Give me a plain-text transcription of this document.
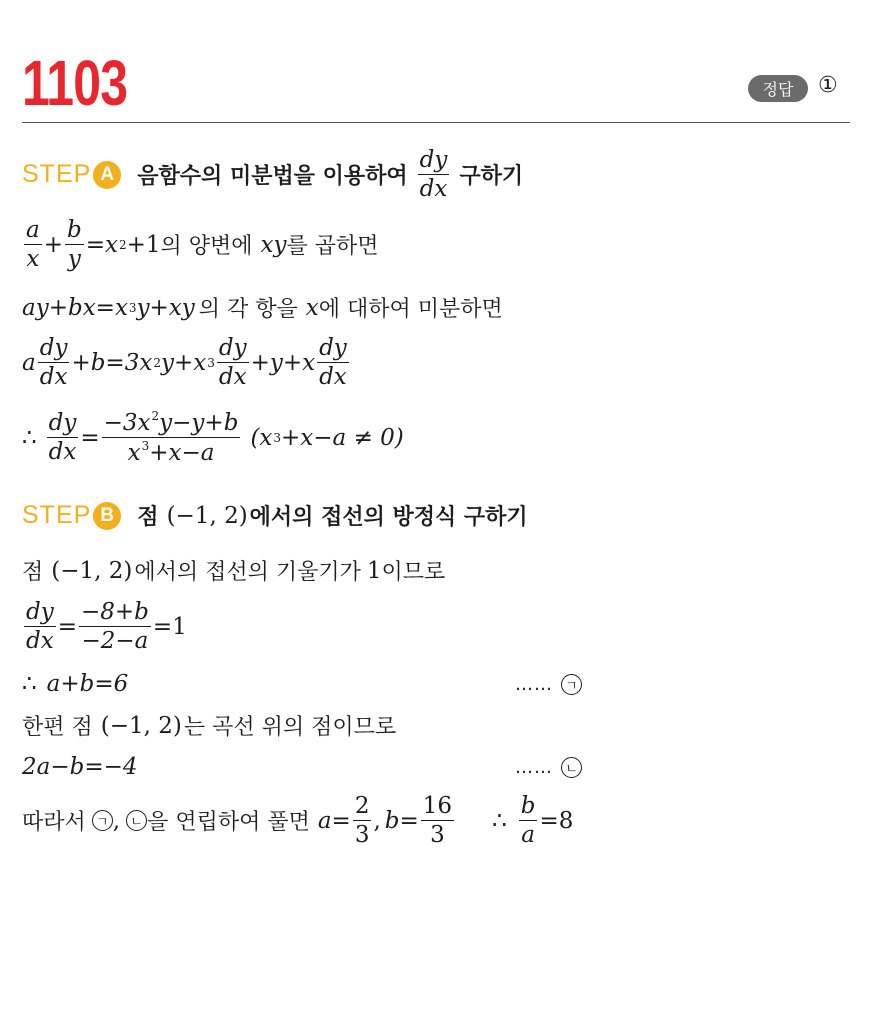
1103	정답	①
STEP A	음함수의 미분법을 이용하여 $\frac{dy}{dx}$ 구하기
$\frac{a}{x} + \frac{b}{y} =x$ 2 +1 의 양변에 xy 를 곱하면
ay+bx=x 3 y+xy 의 각 항을 x 에 대하여 미분하면
a $\frac{dy}{dx} +b=3x$ 2 y+x $3 \frac{dy}{dx} +y+x \frac{dy}{dx}$
∴ $\frac{dy}{dx} = \frac{-3x^2y-y+b}{x^3+x-a} (x$ 3 +x−a ≠ 0)
STEP B	점 (−1, 2) 에서의 접선의 방정식 구하기
점 (−1, 2) 에서의 접선의 기울기가 1 이므로
$\frac{dy}{dx} = \frac{-8+b}{-2-a} =1$
∴ a+b=6	…… ㄱ
한편 점 (−1, 2) 는 곡선 위의 점이므로
2a−b=−4	…… ㄴ
따라서 ㄱ , ㄴ 을 연립하여 풀면 $a= \frac{2}{3}$ , $b= \frac{16}{3}$ ∴ $\frac{b}{a} =8$
